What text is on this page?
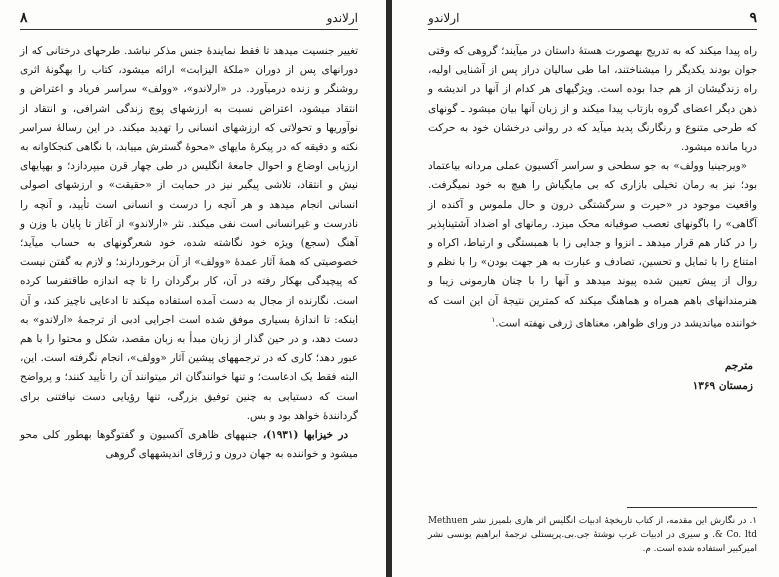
۸	ارلاندو

تغییر جنسیت میدهد تا فقط نمایندهٔ جنس مذکر نباشد. طرحهای درختانی که از دورانهای پس از دوران «ملکهٔ الیزابت» ارائه میشود، کتاب را بهگونهٔ اثری روشنگر و زنده درمیآورد. در «ارلاندو»، «وولف» سراسر فریاد و اعتراض و انتقاد میشود، اعتراض نسبت به ارزشهای پوچ زندگی اشرافی، و انتقاد از نوآوریها و تحولاتی که ارزشهای انسانی را تهدید میکند. در این رسالهٔ سراسر نکته و دقیقه که در پیکرهٔ مایهای «محوهٔ گسترش مییابد، با نگاهی کنجکاوانه به ارزیابی اوضاع و احوال جامعهٔ انگلیس در طی چهار قرن میپردازد؛ و بهپایهای نیش و انتقاد، تلاشی پیگیر نیز در حمایت از «حقیقت» و ارزشهای اصولی انسانی انجام میدهد و هر آنچه را درست و انسانی است تأیید، و آنچه را نادرست و غیرانسانی است نفی میکند. نثر «ارلاندو» از آغاز تا پایان با وزن و آهنگ (سجع) ویژه خود نگاشته شده، خود شعرگونهای به حساب میآید؛ خصوصیتی که همهٔ آثار عمدهٔ «وولف» از آن برخوردارند؛ و لازم به گفتن نیست که پیچیدگی بهکار رفته در آن، کار برگردان را تا چه اندازه طاقتفرسا کرده است. نگارنده از مجال به دست آمده استفاده میکند تا ادعایی ناچیز کند، و آن اینکه: تا اندازهٔ بسیاری موفق شده است اجرایی ادبی از ترجمهٔ «ارلاندو» به دست دهد، و در حین گذار از زبان مبدأ به زبان مقصد، شکل و محتوا را با هم عبور دهد؛ کاری که در ترجمههای پیشین آثار «وولف»، انجام نگرفته است. این، البته فقط یک ادعاست؛ و تنها خوانندگان اثر میتوانند آن را تأیید کنند؛ و پرواضح است که دستیابی به چنین توفیق بزرگی، تنها رؤیایی دست نیافتنی برای گردانندهٔ خواهد بود و بس.

در خیزابها (۱۹۳۱)، جنبههای ظاهری آکسیون و گفتوگوها بهطور کلی محو میشود و خواننده به جهان درون و ژرفای اندیشههای گروهی

ارلاندو	۹

راه پیدا میکند که به تدریج بهصورت هستهٔ داستان در میآیند؛ گروهی که وقتی جوان بودند یکدیگر را میشناختند، اما طی سالیان دراز پس از آشنایی اولیه، راه زندگیشان از هم جدا بوده است. ویژگیهای هر کدام از آنها در اندیشه و ذهن دیگر اعضای گروه بازتاب پیدا میکند و از زبان آنها بیان میشود ـ گونهای که طرحی متنوع و رنگارنگ پدید میآید که در روانی درخشان خود به حرکت دریا مانده میشود.

«ویرجینیا وولف» به جو سطحی و سراسر آکسیون عملی مردانه بیاعتماد بود؛ نیز به رمان تخیلی بازاری که بی مایگیاش را هیچ به خود نمیگرفت. واقعیت موجود در «حیرت و سرگشتگی درون و حال ملموس و آکنده از آگاهی» را باگونهای تعصب صوفیانه محک میزد. رمانهای او اضداد آشتیناپذیر را در کنار هم قرار میدهد ـ انزوا و جدایی را با همبستگی و ارتباط، اکراه و امتناع را با تمایل و تحسین، تصادف و عبارت به هر جهت بودن» را با نظم و روال از پیش تعیین شده پیوند میدهد و آنها را با چنان هارمونی زیبا و هنرمندانهای باهم همراه و هماهنگ میکند که کمترین نتیجهٔ آن این است که خواننده میاندیشد در ورای ظواهر، معناهای ژرفی نهفته است.$^۱$

مترجم
زمستان ۱۳۶۹
۱. در نگارش این مقدمه، از کتاب تاریخچهٔ ادبیات انگلیس اثر هاری بلمیرز نشر Methuen & Co. ltd. و سیری در ادبیات غرب نوشتهٔ جی.بی.پریستلی ترجمهٔ ابراهیم یونسی نشر امیرکبیر استفاده شده است. م.
